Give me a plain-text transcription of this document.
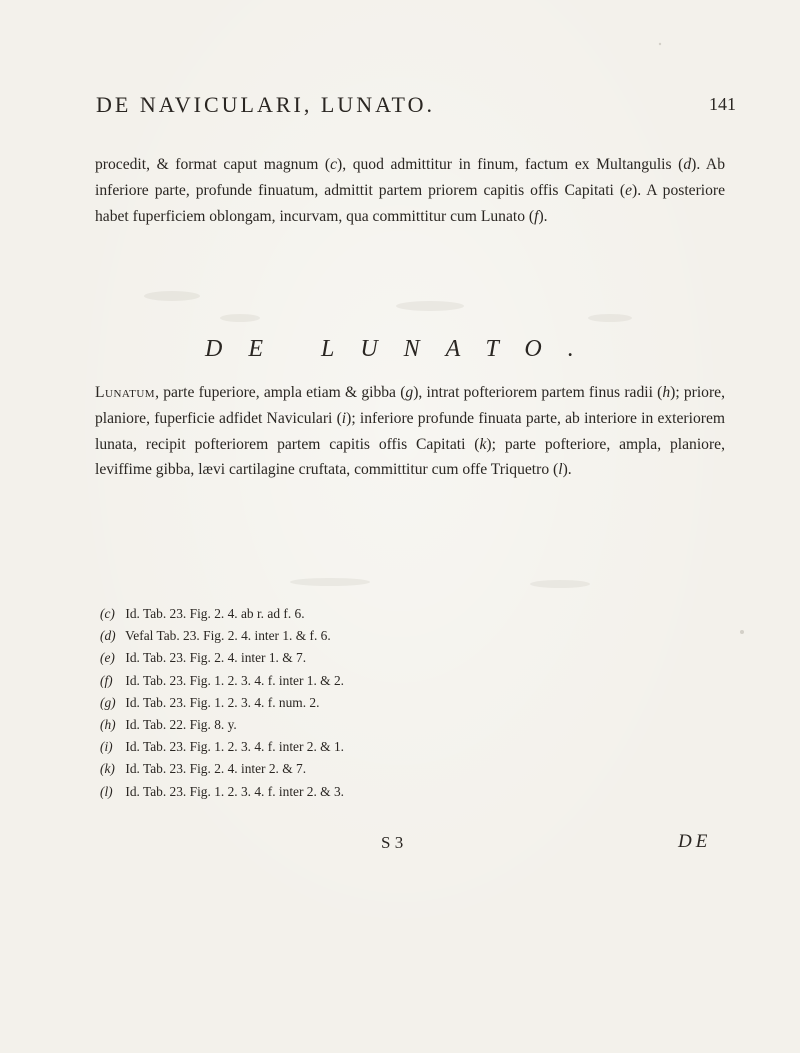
DE NAVICULARI, LUNATO.	141

procedit, & format caput magnum (c), quod admittitur in finum, factum ex Multangulis (d). Ab inferiore parte, profunde finuatum, admittit partem priorem capitis offis Capitati (e). A posteriore habet fuperficiem oblongam, incurvam, qua committitur cum Lunato (f).

DE LUNATO.

Lunatum, parte fuperiore, ampla etiam & gibba (g), intrat pofteriorem partem finus radii (h); priore, planiore, fuperficie adfidet Naviculari (i); inferiore profunde finuata parte, ab interiore in exteriorem lunata, recipit pofteriorem partem capitis offis Capitati (k); parte pofteriore, ampla, planiore, leviffime gibba, lævi cartilagine cruftata, committitur cum offe Triquetro (l).

(c) Id. Tab. 23. Fig. 2. 4. ab r. ad f. 6.
(d) Vefal Tab. 23. Fig. 2. 4. inter 1. & f. 6.
(e) Id. Tab. 23. Fig. 2. 4. inter 1. & 7.
(f) Id. Tab. 23. Fig. 1. 2. 3. 4. f. inter 1. & 2.
(g) Id. Tab. 23. Fig. 1. 2. 3. 4. f. num. 2.
(h) Id. Tab. 22. Fig. 8. y.
(i) Id. Tab. 23. Fig. 1. 2. 3. 4. f. inter 2. & 1.
(k) Id. Tab. 23. Fig. 2. 4. inter 2. & 7.
(l) Id. Tab. 23. Fig. 1. 2. 3. 4. f. inter 2. & 3.
S 3	DE
